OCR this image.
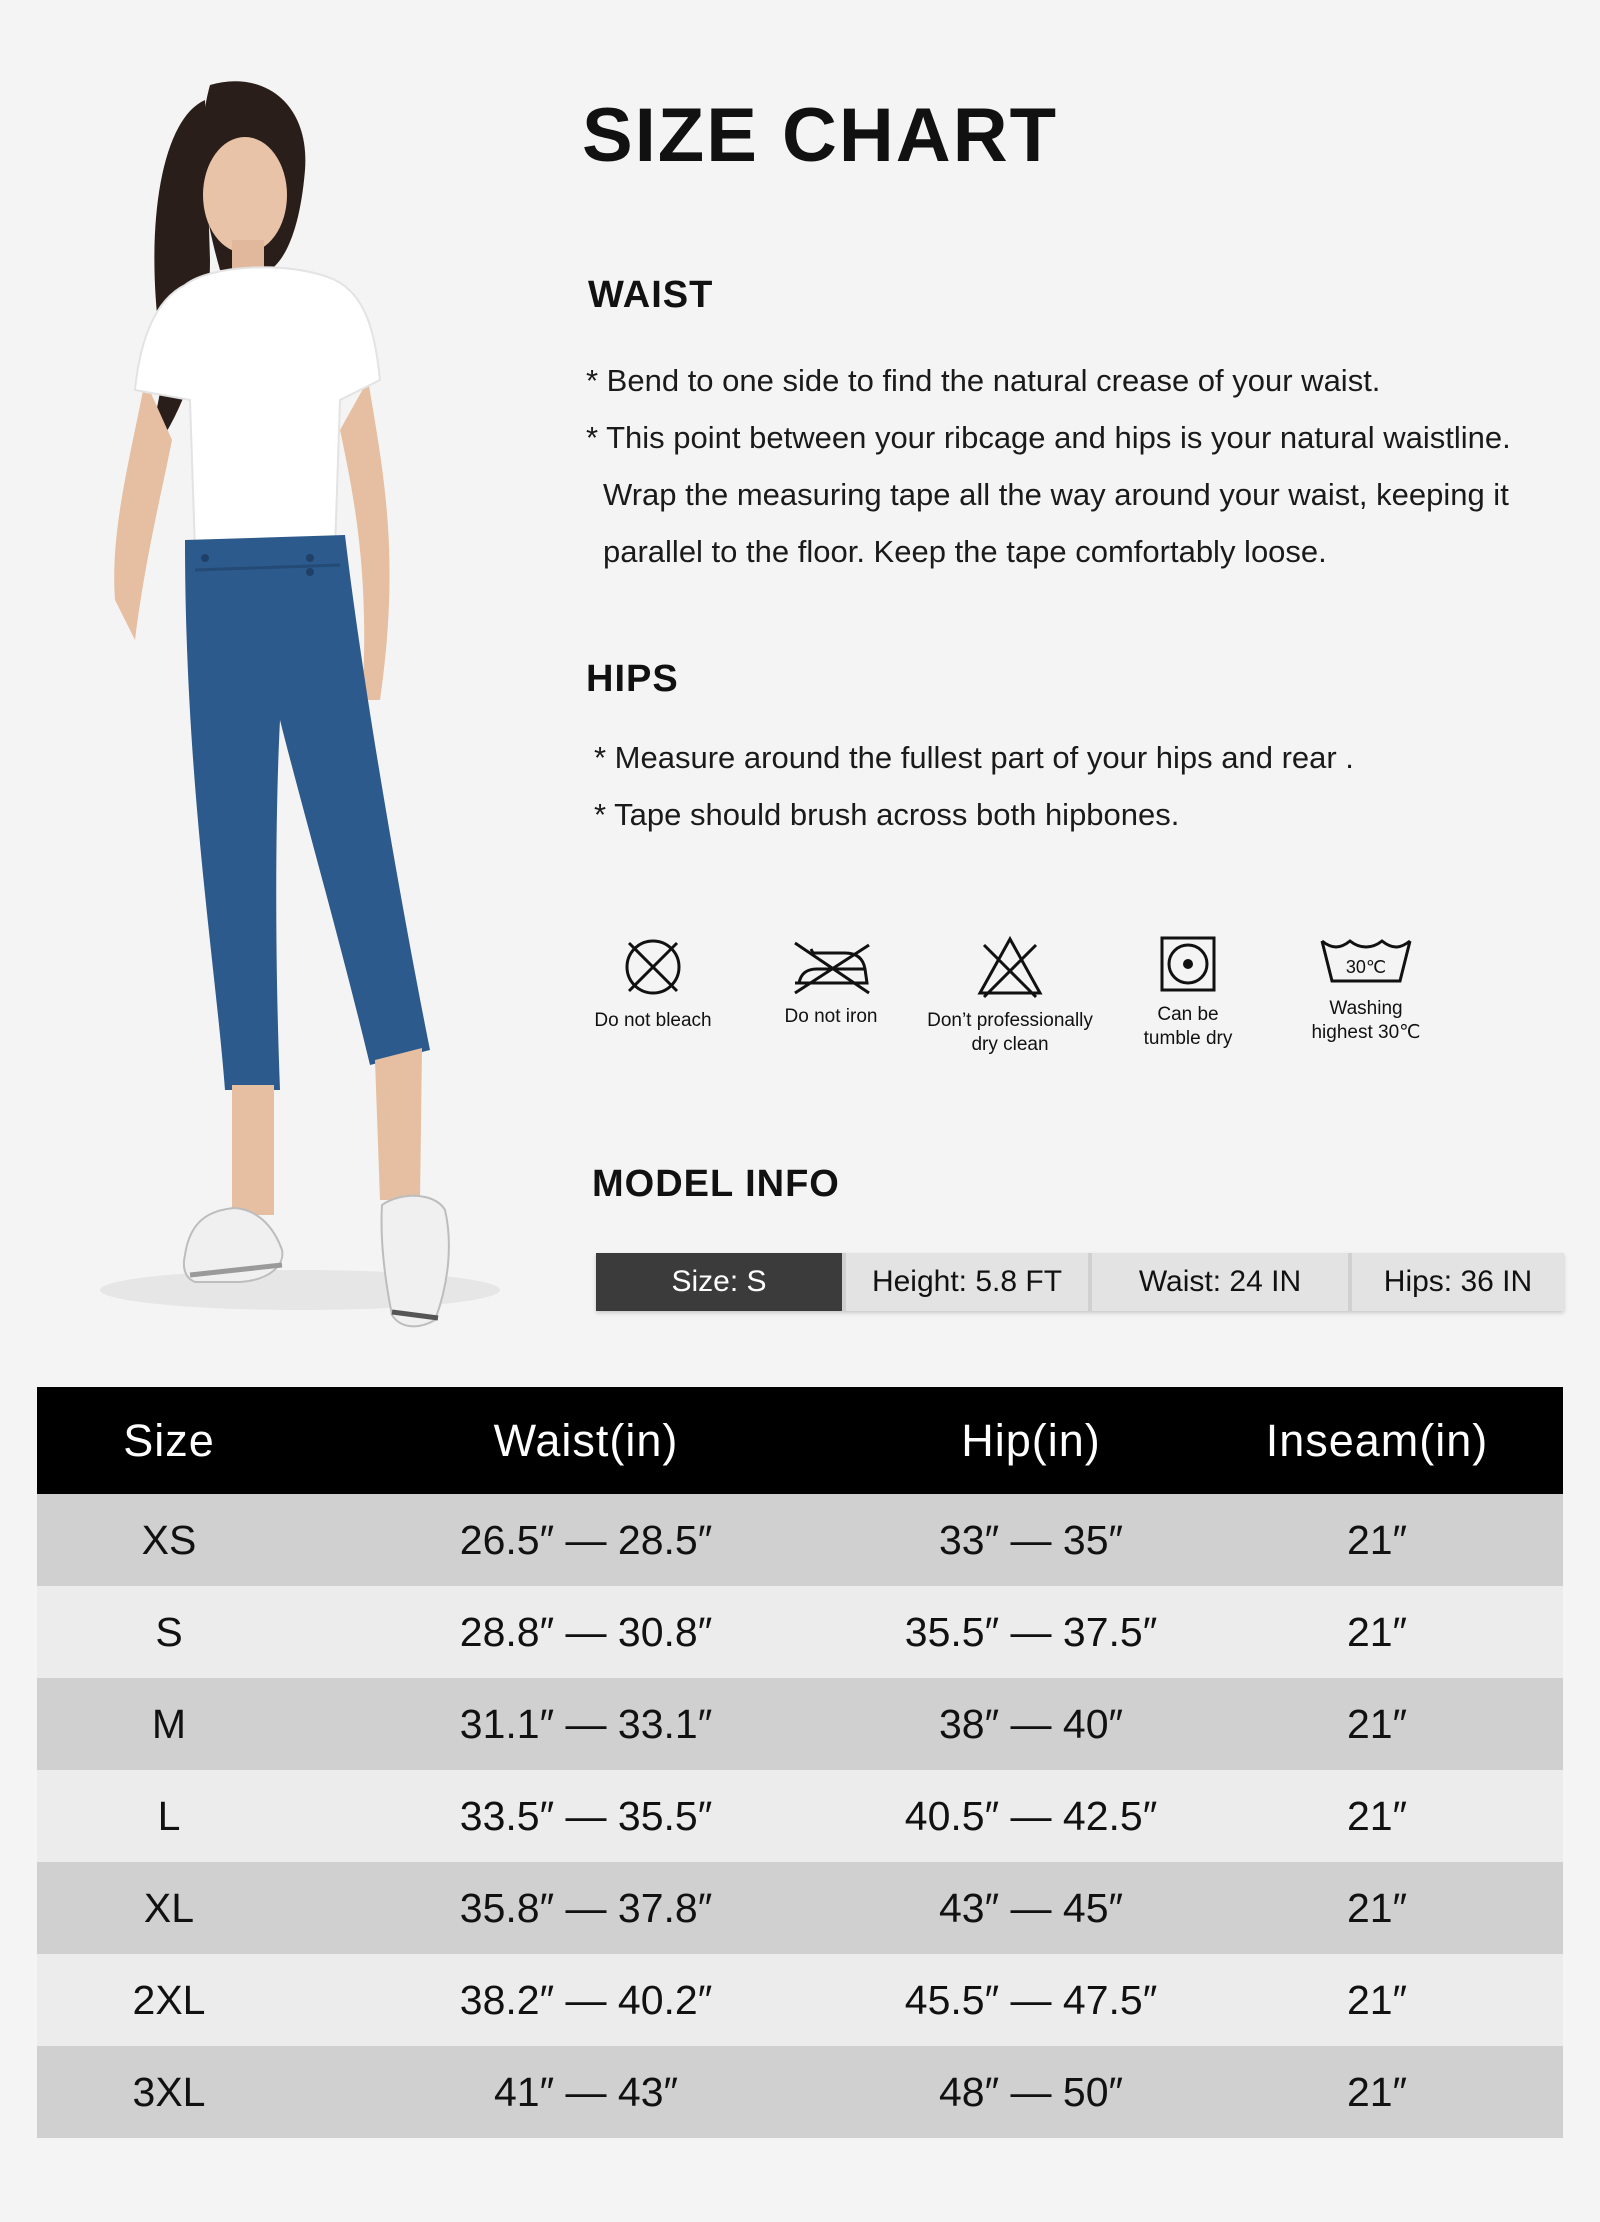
SIZE CHART
WAIST

* Bend to one side to find the natural crease of your waist.

* This point between your ribcage and hips is your natural waistline.

Wrap the measuring tape all the way around your waist, keeping it

parallel to the floor. Keep the tape comfortably loose.

HIPS

* Measure around the fullest part of your hips and rear .

* Tape should brush across both hipbones.

Do not bleach	Do not iron	Don’t professionally
dry clean
Can be
tumble dry
30℃
Washing
highest 30℃
MODEL INFO
Size: S	Height: 5.8 FT	Waist: 24 IN	Hips: 36 IN
Size	Waist(in)	Hip(in)	Inseam(in)
XS	26.5″ — 28.5″	33″ — 35″	21″
S	28.8″ — 30.8″	35.5″ — 37.5″	21″
M	31.1″ — 33.1″	38″ — 40″	21″
L	33.5″ — 35.5″	40.5″ — 42.5″	21″
XL	35.8″ — 37.8″	43″ — 45″	21″
2XL	38.2″ — 40.2″	45.5″ — 47.5″	21″
3XL	41″ — 43″	48″ — 50″	21″
